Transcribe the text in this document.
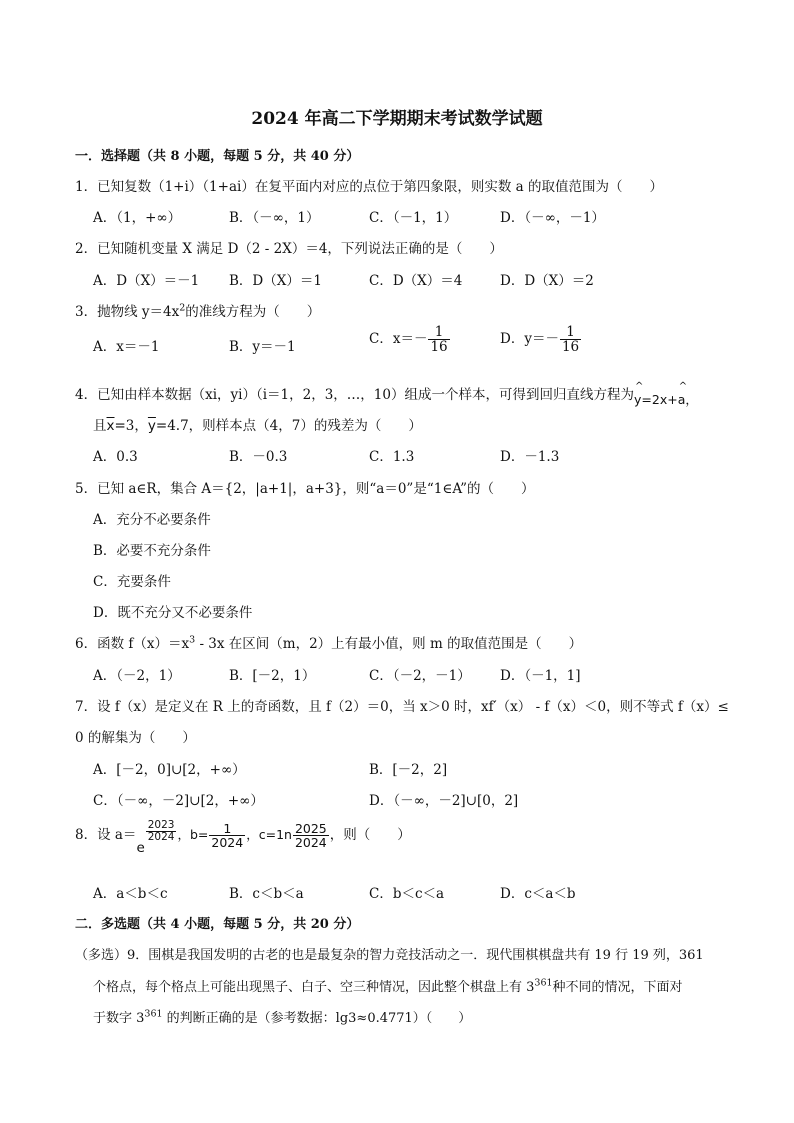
2024 年高二下学期期末考试数学试题
一．选择题（共 8 小题，每题 5 分，共 40 分）
1．已知复数（1+i）（1+ai）在复平面内对应的点位于第四象限，则实数 a 的取值范围为（　　）
A．（1，+∞）	B．（－∞，1）	C．（－1，1）	D．（－∞，－1）
2．已知随机变量 X 满足 D（2 - 2X）＝4，下列说法正确的是（　　）
A．D（X）＝－1 B．D（X）＝1	C．D（X）＝4	D．D（X）＝2
3．抛物线 $y=4x^2$的准线方程为（　　）
A．x＝－1	B．y＝－1	C．$x=- \frac{1}{16}$	D．$y=- \frac{1}{16}$
4．已知由样本数据（xi，yi）（i＝1，2，3，…，10）组成一个样本，可得到回归直线方程为^ y=2x+^ a，
且$\overline{x}=3$，$\overline{y}=4.7$，则样本点（4，7）的残差为（　　）
A．0.3	B．－0.3	C．1.3	D．－1.3
5．已知 a∈R，集合 A＝{2，|a+1|，a+3}，则“a＝0”是“1∈A”的（　　）
A．充分不必要条件
B．必要不充分条件
C．充要条件
D．既不充分又不必要条件
6．函数 $f(x)=x^3 - 3x$ 在区间（m，2）上有最小值，则 m 的取值范围是（　　）
A．（－2，1）	B．[－2，1）	C．（－2，－1） D．（－1，1]
7．设 f（x）是定义在 R 上的奇函数，且 f（2）＝0，当 x＞0 时，xf′（x） - f（x）＜0，则不等式 f（x）≤
0 的解集为（　　）
A．[－2，0]∪[2，+∞）	B．[－2，2]
C．（－∞，－2]∪[2，+∞）	D．（－∞，－2]∪[0，2]
8．设 a＝e
$\frac{2023}{2024}$ ，$b= \frac{1}{2024}$ ，$c=1n \frac{2025}{2024}$ ，则（　　）
A．a＜b＜c	B．c＜b＜a	C．b＜c＜a	D．c＜a＜b
二．多选题（共 4 小题，每题 5 分，共 20 分）
（多选）9．围棋是我国发明的古老的也是最复杂的智力竞技活动之一．现代围棋棋盘共有 19 行 19 列，361
个格点，每个格点上可能出现黑子、白子、空三种情况，因此整个棋盘上有 $3^{361}$种不同的情况，下面对
于数字 $3^{361}$ 的判断正确的是（参考数据：lg3≈0.4771）（　　）
